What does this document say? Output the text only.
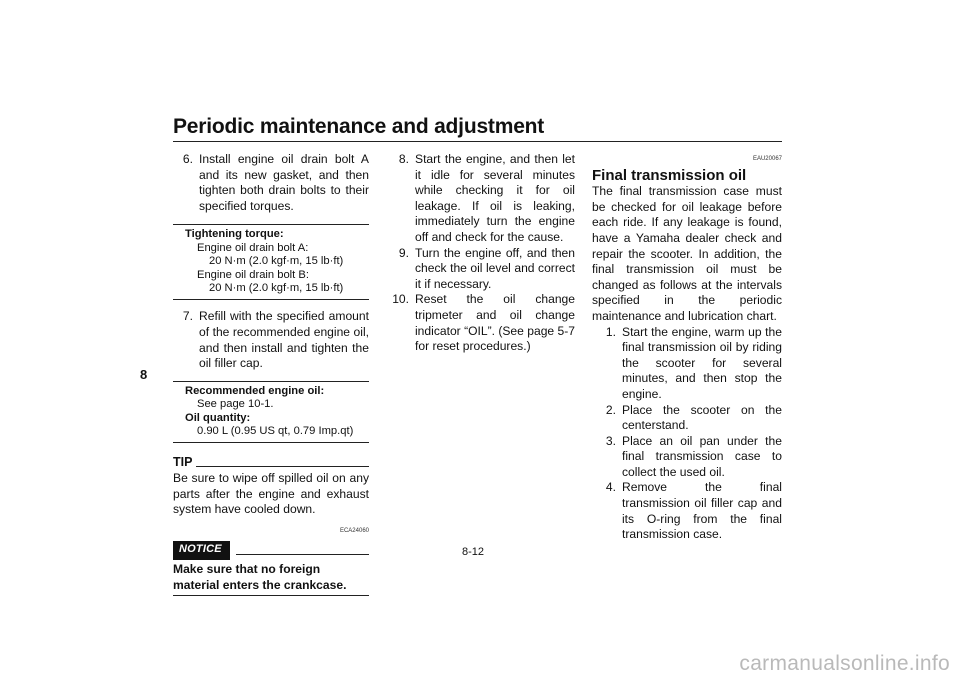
Periodic maintenance and adjustment
8
6. Install engine oil drain bolt A and its new gasket, and then tighten both drain bolts to their specified torques.
Tightening torque:
Engine oil drain bolt A:
20 N·m (2.0 kgf·m, 15 lb·ft)
Engine oil drain bolt B:
20 N·m (2.0 kgf·m, 15 lb·ft)
7. Refill with the specified amount of the recommended engine oil, and then install and tighten the oil filler cap.
Recommended engine oil:
See page 10-1.
Oil quantity:
0.90 L (0.95 US qt, 0.79 Imp.qt)
TIP
Be sure to wipe off spilled oil on any parts after the engine and exhaust system have cooled down.
ECA24060
NOTICE
Make sure that no foreign material enters the crankcase.
8. Start the engine, and then let it idle for several minutes while checking it for oil leakage. If oil is leaking, immediately turn the engine off and check for the cause.
9. Turn the engine off, and then check the oil level and correct it if necessary.
10. Reset the oil change tripmeter and oil change indicator “OIL”. (See page 5-7 for reset procedures.)
EAU20067
Final transmission oil
The final transmission case must be checked for oil leakage before each ride. If any leakage is found, have a Yamaha dealer check and repair the scooter. In addition, the final transmission oil must be changed as follows at the intervals specified in the periodic maintenance and lubrication chart.
1. Start the engine, warm up the final transmission oil by riding the scooter for several minutes, and then stop the engine.
2. Place the scooter on the centerstand.
3. Place an oil pan under the final transmission case to collect the used oil.
4. Remove the final transmission oil filler cap and its O-ring from the final transmission case.
8-12
carmanualsonline.info
